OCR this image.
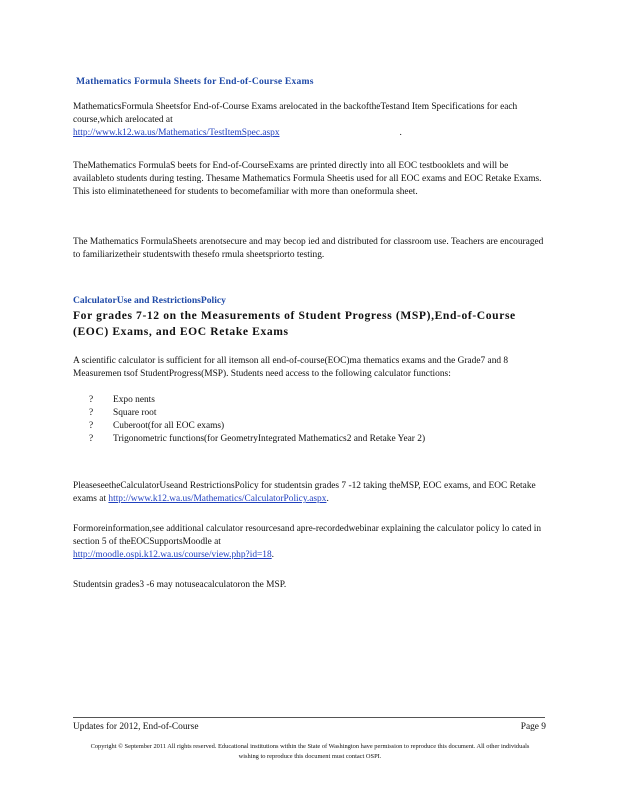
Mathematics Formula Sheets for End-of-Course Exams
MathematicsFormula Sheetsfor End-of-Course Exams arelocated in the backoftheTestand Item Specifications for each course,which arelocated at
http://www.k12.wa.us/Mathematics/TestItemSpec.aspx	.
TheMathematics FormulaS beets for End-of-CourseExams are printed directly into all EOC testbooklets and will be availableto students during testing. Thesame Mathematics Formula Sheetis used for all EOC exams and EOC Retake Exams. This isto eliminatetheneed for students to becomefamiliar with more than oneformula sheet.
The Mathematics FormulaSheets arenotsecure and may becop ied and distributed for classroom use. Teachers are encouraged to familiarizetheir studentswith thesefo rmula sheetspriorto testing.
CalculatorUse and RestrictionsPolicy
For grades 7-12 on the Measurements of Student Progress (MSP),End-of-Course (EOC) Exams, and EOC Retake Exams
A scientific calculator is sufficient for all itemson all end-of-course(EOC)ma thematics exams and the Grade7 and 8 Measuremen tsof StudentProgress(MSP). Students need access to the following calculator functions:
?	Expo nents
?	Square root
?	Cuberoot(for all EOC exams)
?	Trigonometric functions(for GeometryIntegrated Mathematics2 and Retake Year 2)
PleaseseetheCalculatorUseand RestrictionsPolicy for studentsin grades 7 -12 taking theMSP, EOC exams, and EOC Retake exams at http://www.k12.wa.us/Mathematics/CalculatorPolicy.aspx.
Formoreinformation,see additional calculator resourcesand apre-recordedwebinar explaining the calculator policy lo cated in section 5 of theEOCSupportsMoodle at
http://moodle.ospi.k12.wa.us/course/view.php?id=18.
Studentsin grades3 -6 may notuseacalculatoron the MSP.
Updates for 2012, End-of-Course	Page 9
Copyright © September 2011 All rights reserved. Educational institutions within the State of Washington have permission to reproduce this document. All other individuals wishing to reproduce this document must contact OSPI.
